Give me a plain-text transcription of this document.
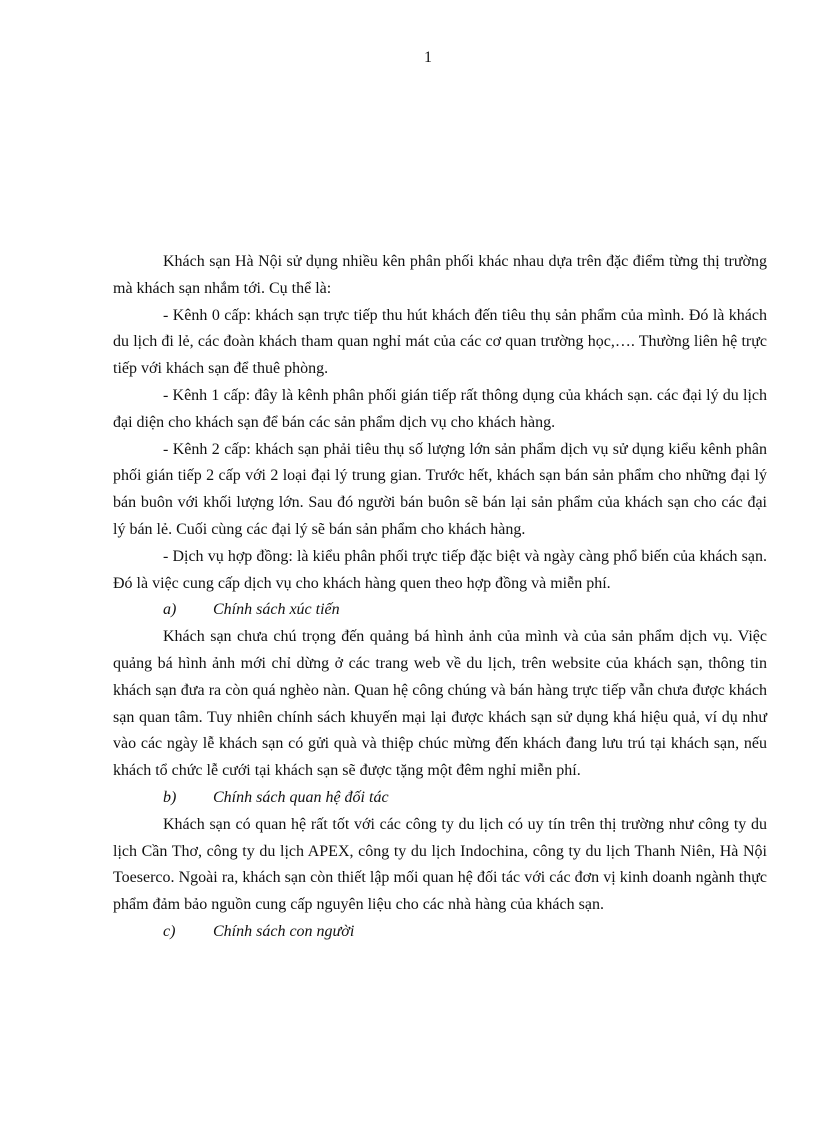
1

Khách sạn Hà Nội sử dụng nhiều kên phân phối khác nhau dựa trên đặc điểm từng thị trường mà khách sạn nhắm tới. Cụ thể là:

- Kênh 0 cấp: khách sạn trực tiếp thu hút khách đến tiêu thụ sản phẩm của mình. Đó là khách du lịch đi lẻ, các đoàn khách tham quan nghỉ mát của các cơ quan trường học,…. Thường liên hệ trực tiếp với khách sạn để thuê phòng.

- Kênh 1 cấp: đây là kênh phân phối gián tiếp rất thông dụng của khách sạn. các đại lý du lịch đại diện cho khách sạn để bán các sản phẩm dịch vụ cho khách hàng.

- Kênh 2 cấp: khách sạn phải tiêu thụ số lượng lớn sản phẩm dịch vụ sử dụng kiểu kênh phân phối gián tiếp 2 cấp với 2 loại đại lý trung gian. Trước hết, khách sạn bán sản phẩm cho những đại lý bán buôn với khối lượng lớn. Sau đó người bán buôn sẽ bán lại sản phẩm của khách sạn cho các đại lý bán lẻ. Cuối cùng các đại lý sẽ bán sản phẩm cho khách hàng.

- Dịch vụ hợp đồng: là kiểu phân phối trực tiếp đặc biệt và ngày càng phổ biến của khách sạn. Đó là việc cung cấp dịch vụ cho khách hàng quen theo hợp đồng và miễn phí.

a) Chính sách xúc tiến

Khách sạn chưa chú trọng đến quảng bá hình ảnh của mình và của sản phẩm dịch vụ. Việc quảng bá hình ảnh mới chỉ dừng ở các trang web về du lịch, trên website của khách sạn, thông tin khách sạn đưa ra còn quá nghèo nàn. Quan hệ công chúng và bán hàng trực tiếp vẫn chưa được khách sạn quan tâm. Tuy nhiên chính sách khuyến mại lại được khách sạn sử dụng khá hiệu quả, ví dụ như vào các ngày lễ khách sạn có gửi quà và thiệp chúc mừng đến khách đang lưu trú tại khách sạn, nếu khách tổ chức lễ cưới tại khách sạn sẽ được tặng một đêm nghỉ miễn phí.

b) Chính sách quan hệ đối tác

Khách sạn có quan hệ rất tốt với các công ty du lịch có uy tín trên thị trường như công ty du lịch Cần Thơ, công ty du lịch APEX, công ty du lịch Indochina, công ty du lịch Thanh Niên, Hà Nội Toeserco. Ngoài ra, khách sạn còn thiết lập mối quan hệ đối tác với các đơn vị kinh doanh ngành thực phẩm đảm bảo nguồn cung cấp nguyên liệu cho các nhà hàng của khách sạn.

c) Chính sách con người
